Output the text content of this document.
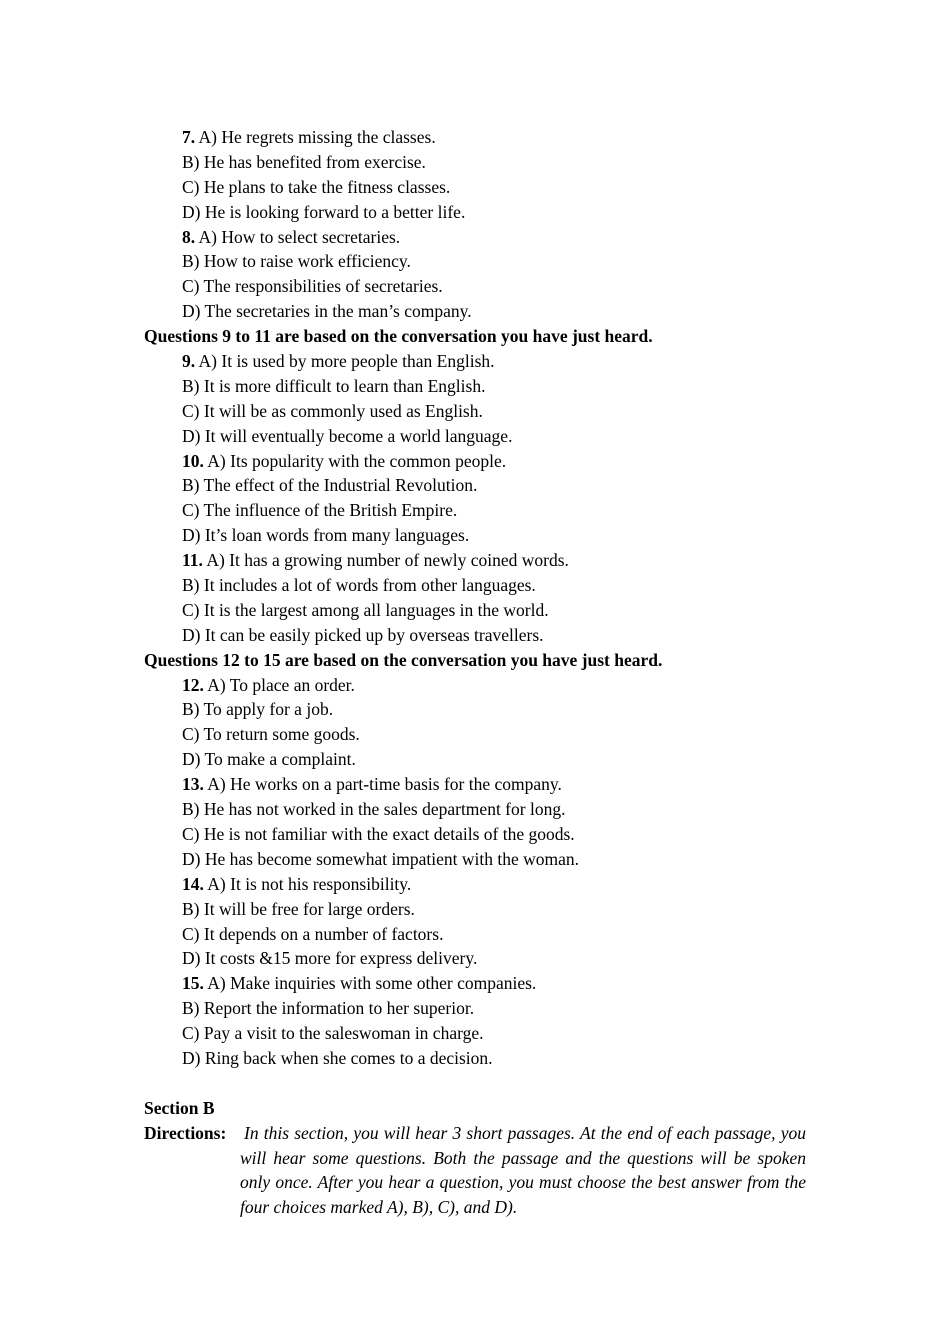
7. A) He regrets missing the classes.
B) He has benefited from exercise.
C) He plans to take the fitness classes.
D) He is looking forward to a better life.
8. A) How to select secretaries.
B) How to raise work efficiency.
C) The responsibilities of secretaries.
D) The secretaries in the man’s company.
Questions 9 to 11 are based on the conversation you have just heard.
9. A) It is used by more people than English.
B) It is more difficult to learn than English.
C) It will be as commonly used as English.
D) It will eventually become a world language.
10. A) Its popularity with the common people.
B) The effect of the Industrial Revolution.
C) The influence of the British Empire.
D) It’s loan words from many languages.
11. A) It has a growing number of newly coined words.
B) It includes a lot of words from other languages.
C) It is the largest among all languages in the world.
D) It can be easily picked up by overseas travellers.
Questions 12 to 15 are based on the conversation you have just heard.
12. A) To place an order.
B) To apply for a job.
C) To return some goods.
D) To make a complaint.
13. A) He works on a part-time basis for the company.
B) He has not worked in the sales department for long.
C) He is not familiar with the exact details of the goods.
D) He has become somewhat impatient with the woman.
14. A) It is not his responsibility.
B) It will be free for large orders.
C) It depends on a number of factors.
D) It costs &15 more for express delivery.
15. A) Make inquiries with some other companies.
B) Report the information to her superior.
C) Pay a visit to the saleswoman in charge.
D) Ring back when she comes to a decision.
Section B
Directions: In this section, you will hear 3 short passages. At the end of each passage, you will hear some questions. Both the passage and the questions will be spoken only once. After you hear a question, you must choose the best answer from the four choices marked A), B), C), and D).
